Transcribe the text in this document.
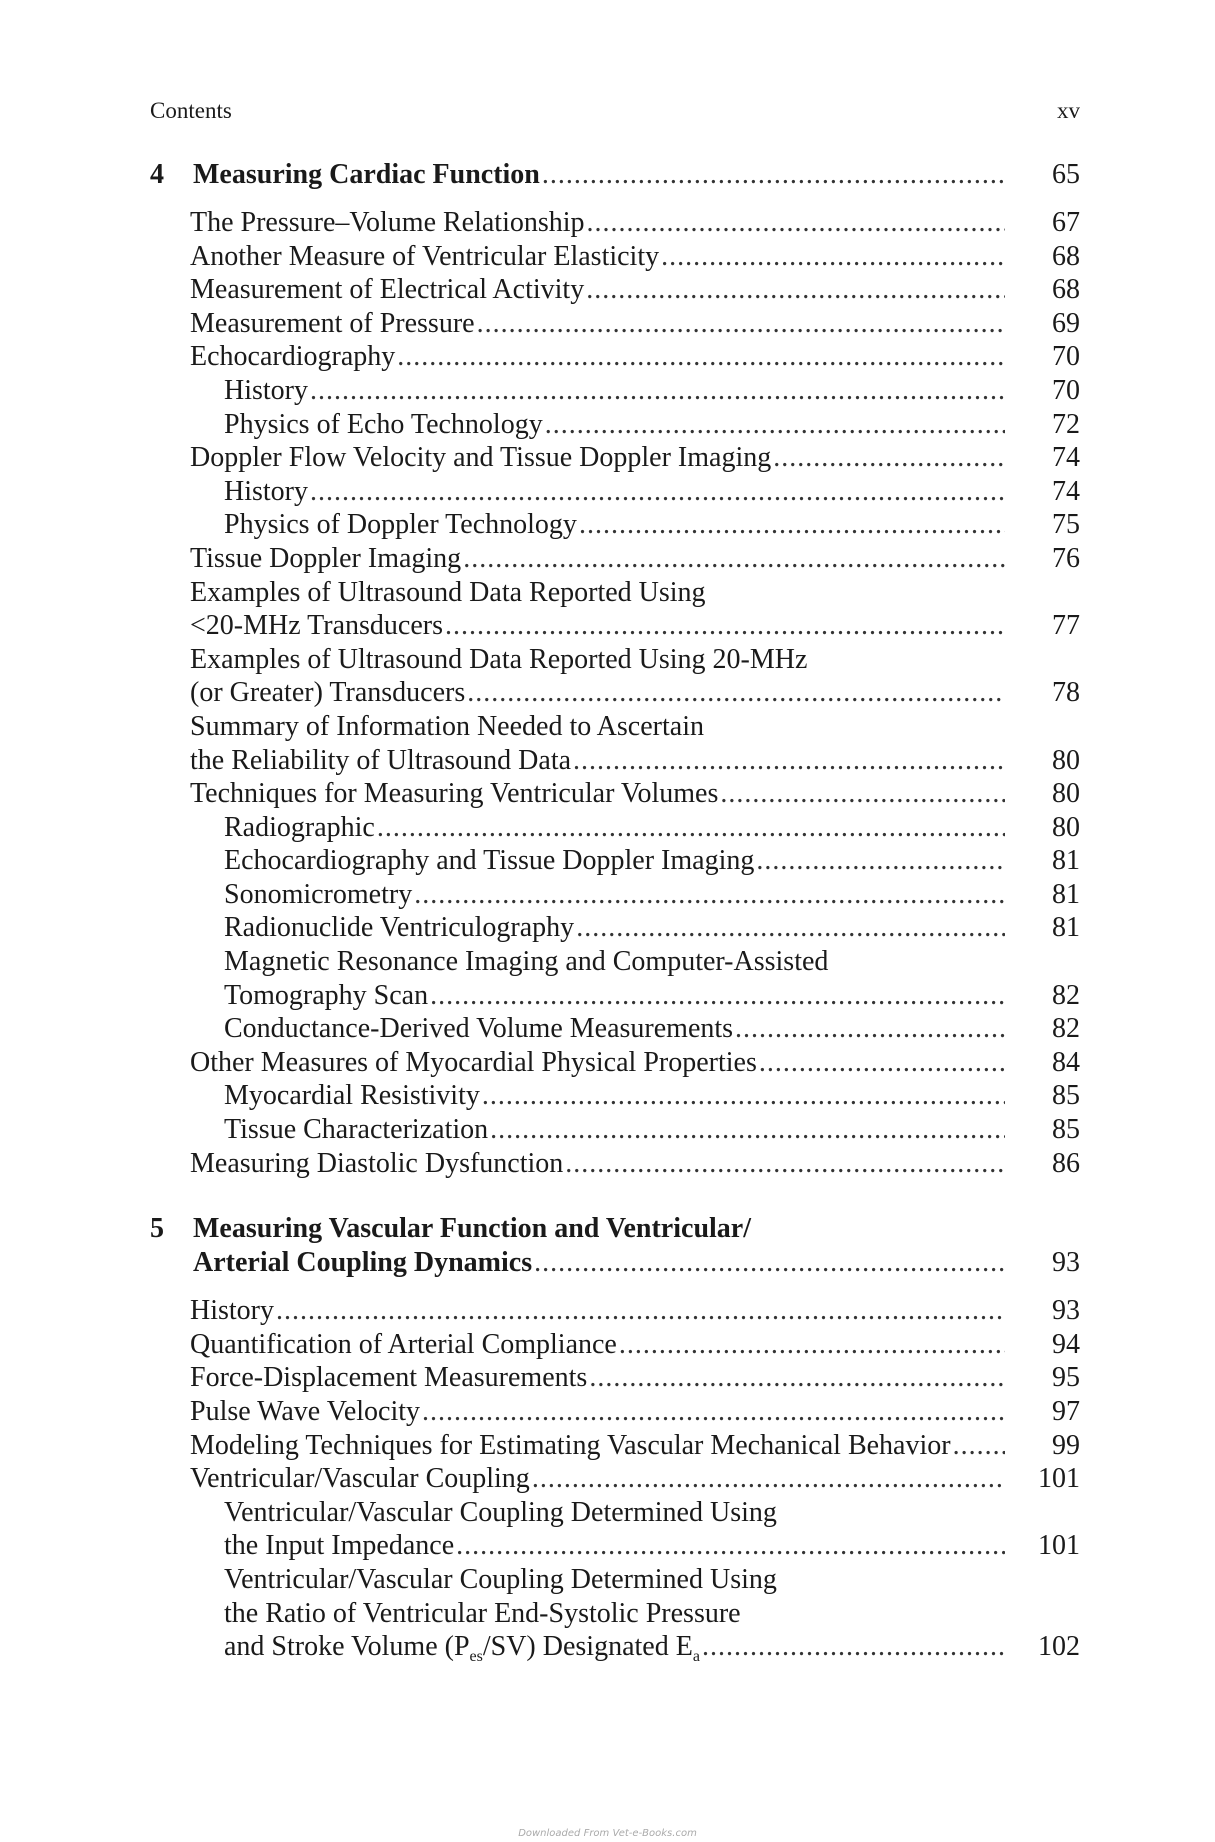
Contents	xv
4	Measuring Cardiac Function .....	65
The Pressure–Volume Relationship .....	67
Another Measure of Ventricular Elasticity .....	68
Measurement of Electrical Activity .....	68
Measurement of Pressure .....	69
Echocardiography .....	70
History .....	70
Physics of Echo Technology .....	72
Doppler Flow Velocity and Tissue Doppler Imaging .....	74
History .....	74
Physics of Doppler Technology .....	75
Tissue Doppler Imaging .....	76
Examples of Ultrasound Data Reported Using
<20-MHz Transducers .....	77
Examples of Ultrasound Data Reported Using 20-MHz
(or Greater) Transducers .....	78
Summary of Information Needed to Ascertain
the Reliability of Ultrasound Data .....	80
Techniques for Measuring Ventricular Volumes .....	80
Radiographic .....	80
Echocardiography and Tissue Doppler Imaging .....	81
Sonomicrometry .....	81
Radionuclide Ventriculography .....	81
Magnetic Resonance Imaging and Computer-Assisted
Tomography Scan .....	82
Conductance-Derived Volume Measurements .....	82
Other Measures of Myocardial Physical Properties .....	84
Myocardial Resistivity .....	85
Tissue Characterization .....	85
Measuring Diastolic Dysfunction .....	86
5	Measuring Vascular Function and Ventricular/
Arterial Coupling Dynamics .....	93
History .....	93
Quantification of Arterial Compliance .....	94
Force-Displacement Measurements .....	95
Pulse Wave Velocity .....	97
Modeling Techniques for Estimating Vascular Mechanical Behavior .....	99
Ventricular/Vascular Coupling .....	101
Ventricular/Vascular Coupling Determined Using
the Input Impedance .....	101
Ventricular/Vascular Coupling Determined Using
the Ratio of Ventricular End-Systolic Pressure
and Stroke Volume $(P_{es}/SV)$ Designated $E_a$ .....	102
Downloaded From Vet-e-Books.com
